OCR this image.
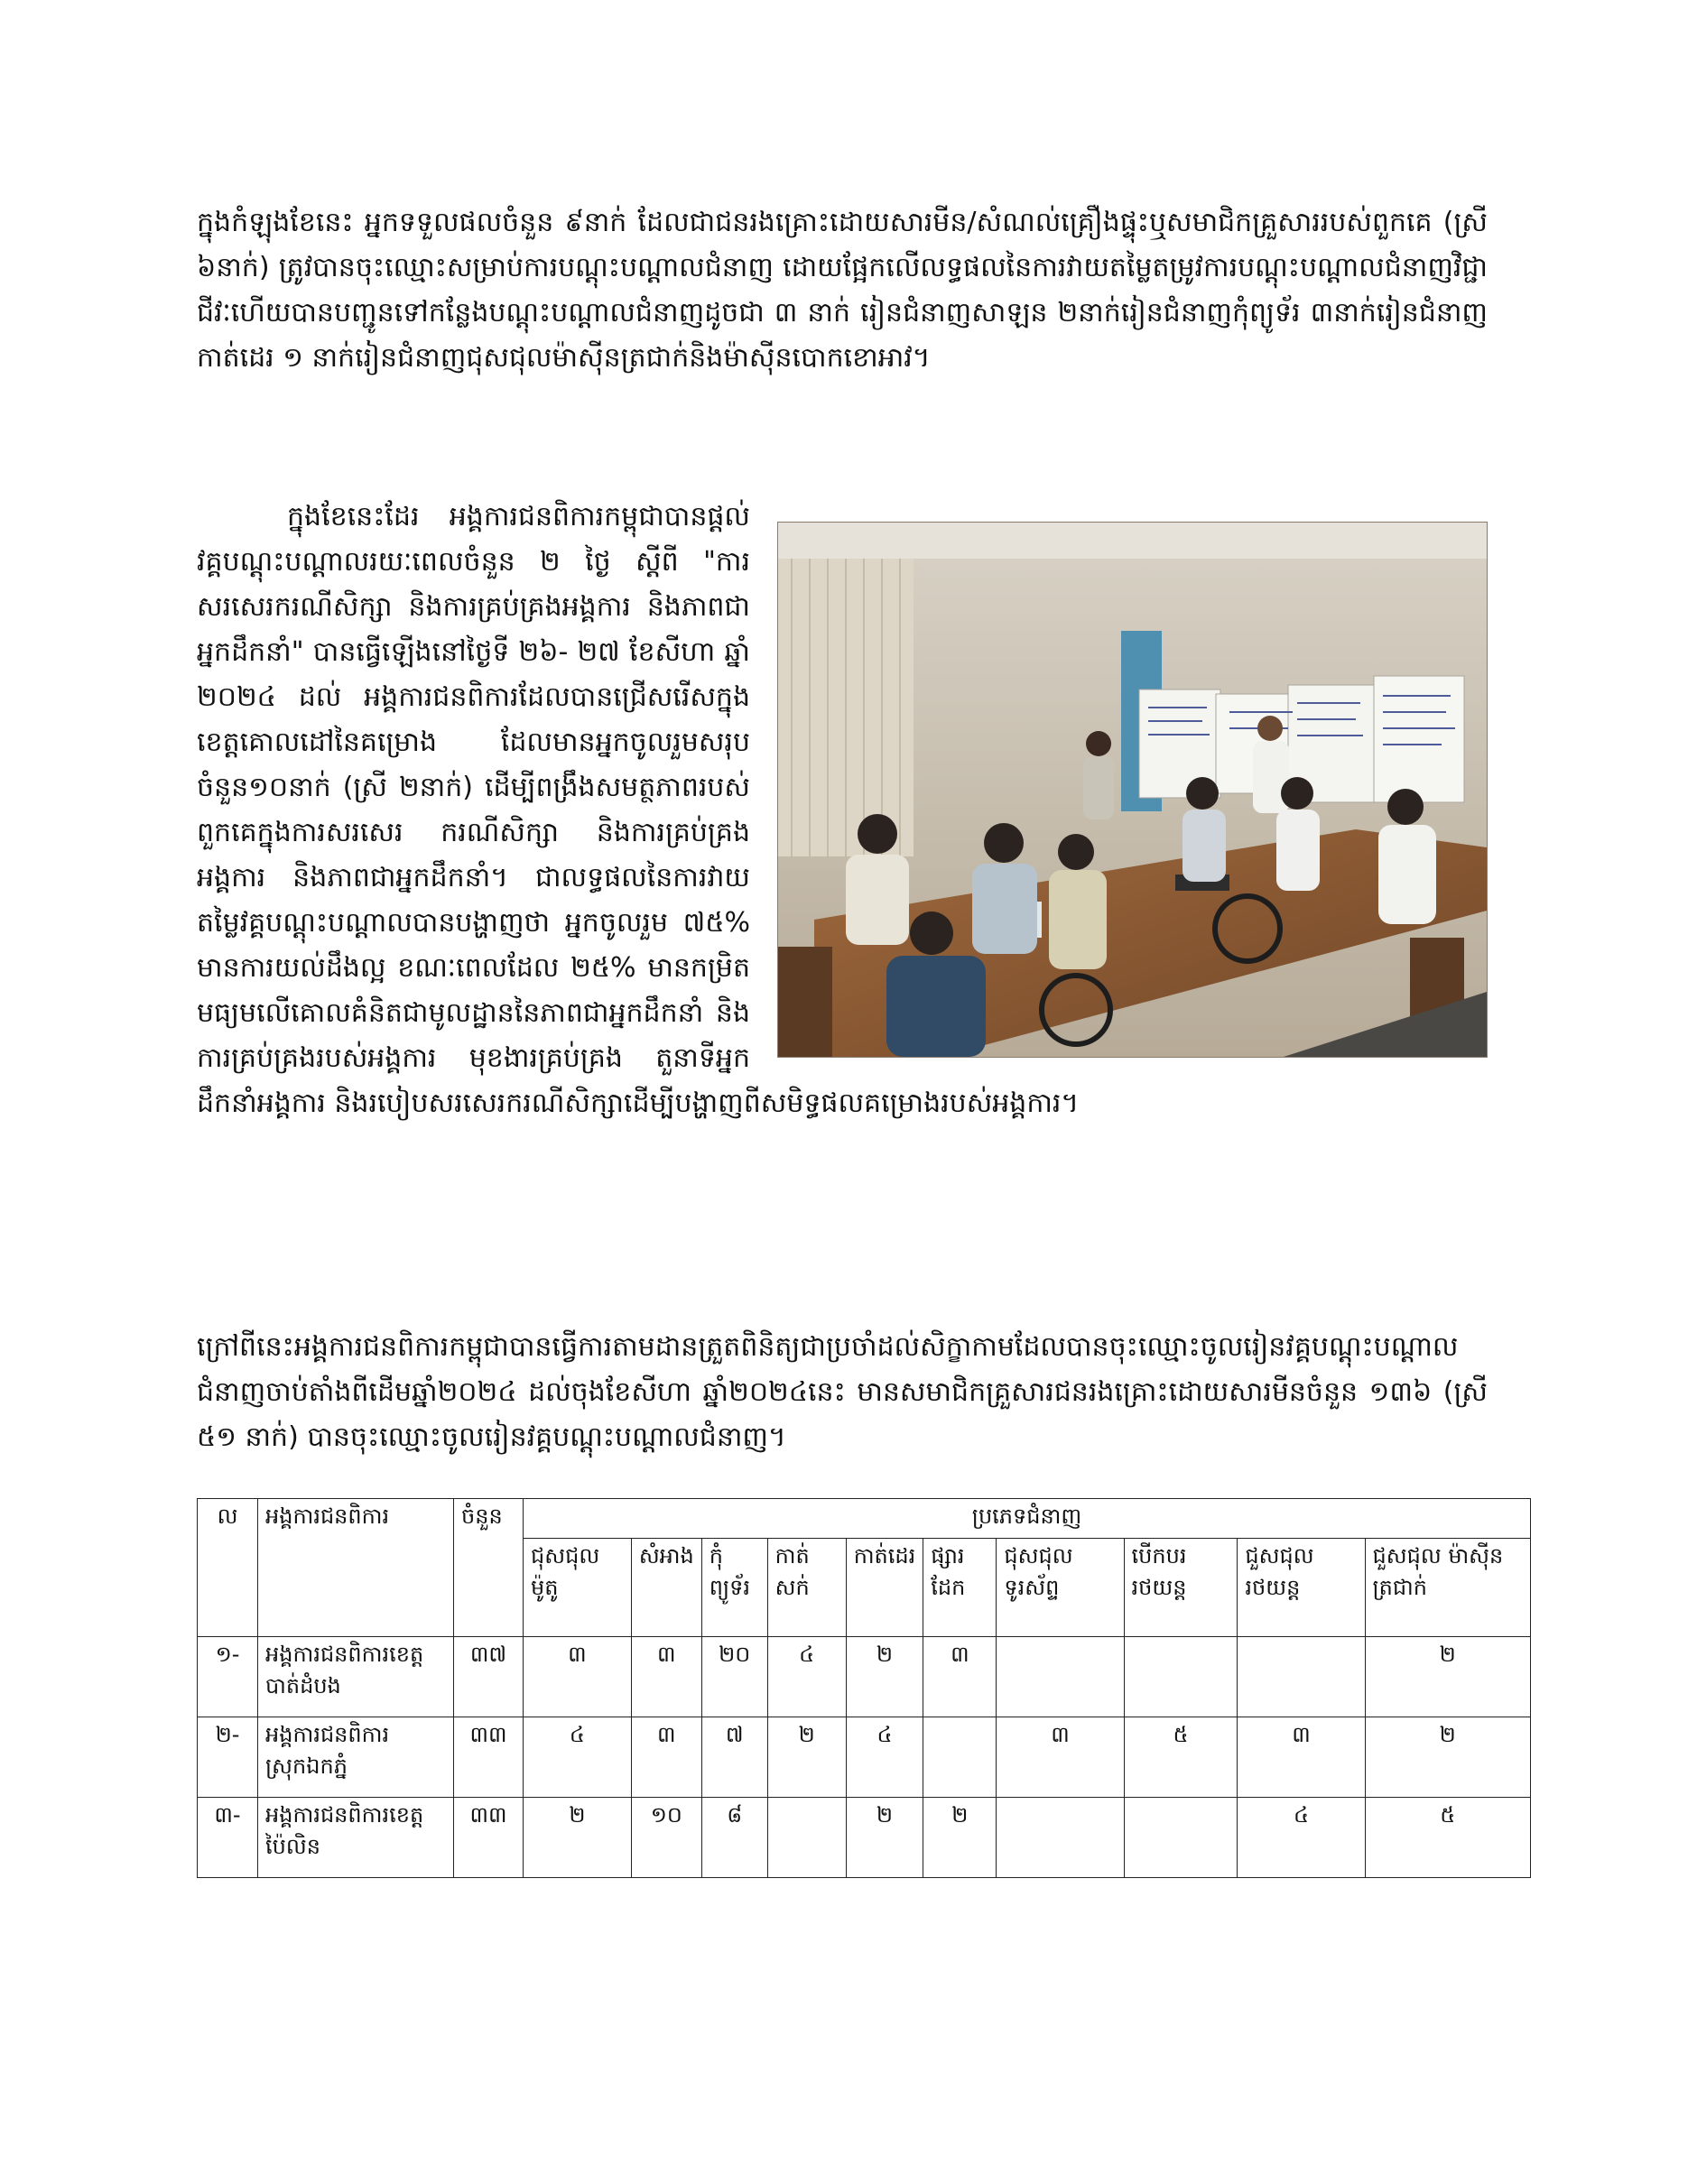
ក្នុងកំឡុងខែនេះ អ្នកទទួលផលចំនួន ៩នាក់ ដែលជាជនរងគ្រោះដោយសារមីន/សំណល់គ្រឿងផ្ទុះឬសមាជិកគ្រួសាររបស់ពួកគេ (ស្រី ៦នាក់) ត្រូវបានចុះឈ្មោះសម្រាប់ការបណ្តុះបណ្តាលជំនាញ ដោយផ្អែកលើលទ្ធផលនៃការវាយតម្លៃតម្រូវការបណ្តុះបណ្តាលជំនាញវិជ្ជាជីវៈហើយបានបញ្ជូនទៅកន្លែងបណ្តុះបណ្តាលជំនាញដូចជា ៣ នាក់ រៀនជំនាញសាឡន ២នាក់រៀនជំនាញកុំព្យូទ័រ ៣នាក់រៀនជំនាញកាត់ដេរ ១ នាក់រៀនជំនាញជុសជុលម៉ាស៊ីនត្រជាក់និងម៉ាស៊ីនបោកខោអាវ។

ក្នុងខែនេះដែរ អង្គការជនពិការកម្ពុជាបានផ្តល់វគ្គបណ្តុះបណ្តាលរយៈពេលចំនួន ២ ថ្ងៃ ស្តីពី "ការសរសេរករណីសិក្សា និងការគ្រប់គ្រងអង្គការ និងភាពជាអ្នកដឹកនាំ" បានធ្វើឡើងនៅថ្ងៃទី ២៦- ២៧ ខែសីហា ឆ្នាំ ២០២៤ ដល់ អង្គការជនពិការដែលបានជ្រើសរើសក្នុងខេត្តគោលដៅនៃគម្រោង ដែលមានអ្នកចូលរួមសរុបចំនួន១០នាក់ (ស្រី ២នាក់) ដើម្បីពង្រឹងសមត្ថភាពរបស់ពួកគេក្នុងការសរសេរ ករណីសិក្សា និងការគ្រប់គ្រងអង្គការ និងភាពជាអ្នកដឹកនាំ។ ជាលទ្ធផលនៃការវាយតម្លៃវគ្គបណ្តុះបណ្តាលបានបង្ហាញថា អ្នកចូលរួម ៧៥% មានការយល់ដឹងល្អ ខណៈពេលដែល ២៥% មានកម្រិតមធ្យមលើគោលគំនិតជាមូលដ្ឋាននៃភាពជាអ្នកដឹកនាំ និងការគ្រប់គ្រងរបស់អង្គការ មុខងារគ្រប់គ្រង តួនាទីអ្នកដឹកនាំអង្គការ និងរបៀបសរសេរករណីសិក្សាដើម្បីបង្ហាញពីសមិទ្ធផលគម្រោងរបស់អង្គការ។

ក្រៅពីនេះអង្គការជនពិការកម្ពុជាបានធ្វើការតាមដានត្រួតពិនិត្យជាប្រចាំដល់សិក្ខាកាមដែលបានចុះឈ្មោះចូលរៀនវគ្គបណ្តុះបណ្តាលជំនាញចាប់តាំងពីដើមឆ្នាំ២០២៤ ដល់ចុងខែសីហា ឆ្នាំ២០២៤នេះ មានសមាជិកគ្រួសារជនរងគ្រោះដោយសារមីនចំនួន ១៣៦ (ស្រី ៥១ នាក់) បានចុះឈ្មោះចូលរៀនវគ្គបណ្តុះបណ្តាលជំនាញ។

ល	អង្គការជនពិការ	ចំនួន	ប្រភេទជំនាញ									
			ជុសជុល ម៉ូតូ	សំអាង	កុំព្យូទ័រ	កាត់ សក់	កាត់ដេរ	ផ្សារដែក	ជុសជុល ទូរស័ព្ទ	បើកបរ រថយន្ត	ជួសជុល រថយន្ត	ជួសជុល ម៉ាស៊ីនត្រជាក់
១-	អង្គការជនពិការខេត្ត បាត់ដំបង	៣៧	៣	៣	២០	៤	២	៣				២
២-	អង្គការជនពិការ ស្រុកឯកភ្នំ	៣៣	៤	៣	៧	២	៤		៣	៥	៣	២
៣-	អង្គការជនពិការខេត្ត ប៉ៃលិន	៣៣	២	១០	៨		២	២			៤	៥
